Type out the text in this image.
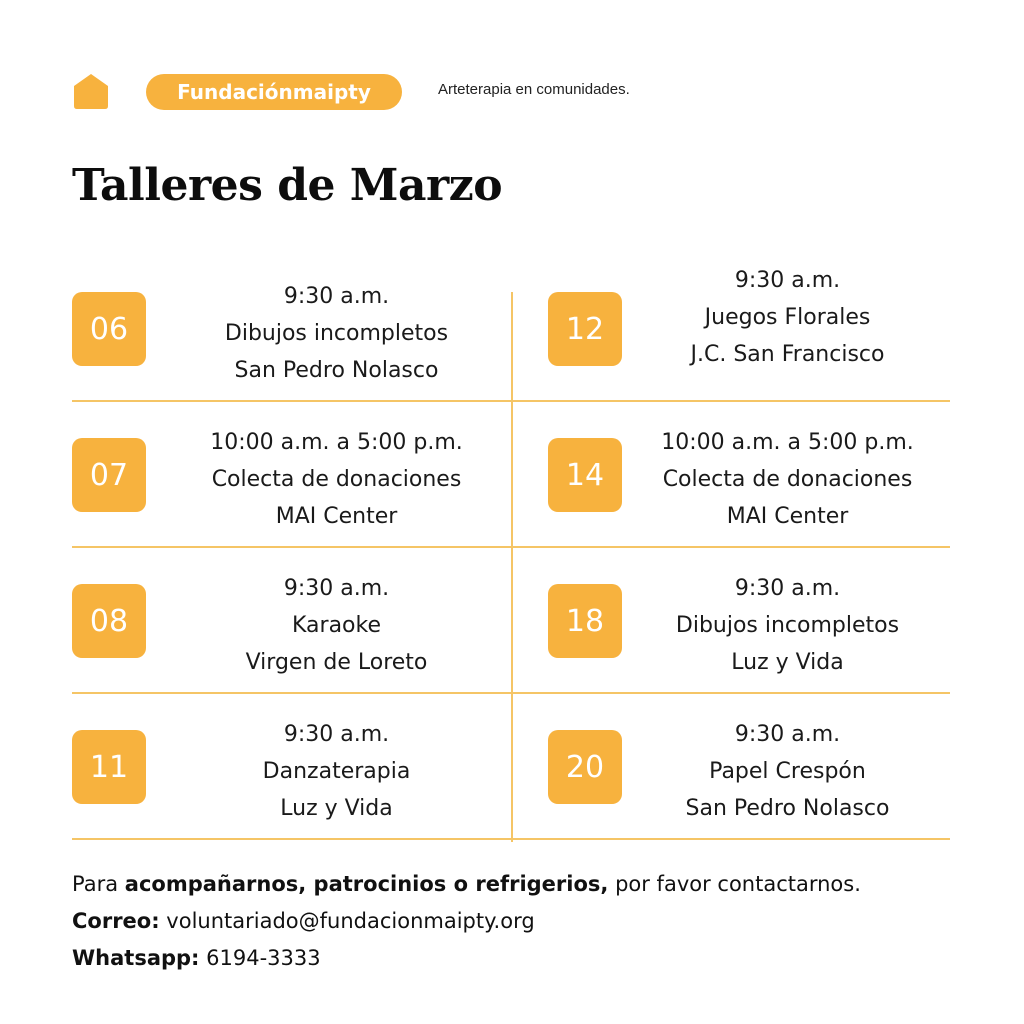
Fundaciónmaipty	Arteterapia en comunidades.
Talleres de Marzo
06
9:30 a.m.
Dibujos incompletos
San Pedro Nolasco
12
9:30 a.m.
Juegos Florales
J.C. San Francisco
07
10:00 a.m. a 5:00 p.m.
Colecta de donaciones
MAI Center
14
10:00 a.m. a 5:00 p.m.
Colecta de donaciones
MAI Center
08
9:30 a.m.
Karaoke
Virgen de Loreto
18
9:30 a.m.
Dibujos incompletos
Luz y Vida
11
9:30 a.m.
Danzaterapia
Luz y Vida
20
9:30 a.m.
Papel Crespón
San Pedro Nolasco

Para acompañarnos, patrocinios o refrigerios, por favor contactarnos.

Correo: voluntariado@fundacionmaipty.org

Whatsapp: 6194-3333
